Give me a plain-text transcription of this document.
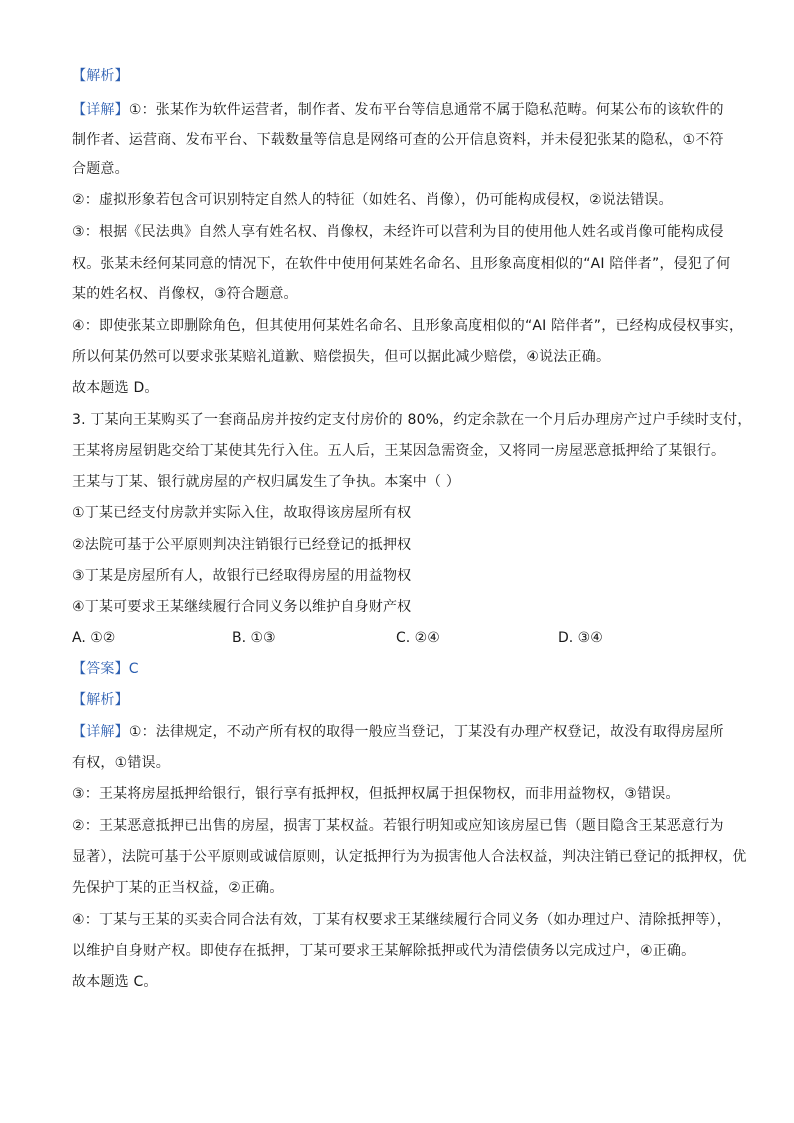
【解析】
【详解】①：张某作为软件运营者，制作者、发布平台等信息通常不属于隐私范畴。何某公布的该软件的
制作者、运营商、发布平台、下载数量等信息是网络可查的公开信息资料，并未侵犯张某的隐私，①不符
合题意。
②：虚拟形象若包含可识别特定自然人的特征（如姓名、肖像），仍可能构成侵权，②说法错误。
③：根据《民法典》自然人享有姓名权、肖像权，未经许可以营利为目的使用他人姓名或肖像可能构成侵
权。张某未经何某同意的情况下，在软件中使用何某姓名命名、且形象高度相似的“AI 陪伴者”，侵犯了何
某的姓名权、肖像权，③符合题意。
④：即使张某立即删除角色，但其使用何某姓名命名、且形象高度相似的“AI 陪伴者”，已经构成侵权事实，
所以何某仍然可以要求张某赔礼道歉、赔偿损失，但可以据此减少赔偿，④说法正确。
故本题选 D。
3. 丁某向王某购买了一套商品房并按约定支付房价的 80%，约定余款在一个月后办理房产过户手续时支付，
王某将房屋钥匙交给丁某使其先行入住。五人后，王某因急需资金，又将同一房屋恶意抵押给了某银行。
王某与丁某、银行就房屋的产权归属发生了争执。本案中（ ）
①丁某已经支付房款并实际入住，故取得该房屋所有权
②法院可基于公平原则判决注销银行已经登记的抵押权
③丁某是房屋所有人，故银行已经取得房屋的用益物权
④丁某可要求王某继续履行合同义务以维护自身财产权
A. ①②	B. ①③	C. ②④	D. ③④
【答案】C
【解析】
【详解】①：法律规定，不动产所有权的取得一般应当登记，丁某没有办理产权登记，故没有取得房屋所
有权，①错误。
③：王某将房屋抵押给银行，银行享有抵押权，但抵押权属于担保物权，而非用益物权，③错误。
②：王某恶意抵押已出售的房屋，损害丁某权益。若银行明知或应知该房屋已售（题目隐含王某恶意行为
显著），法院可基于公平原则或诚信原则，认定抵押行为为损害他人合法权益，判决注销已登记的抵押权，优
先保护丁某的正当权益，②正确。
④：丁某与王某的买卖合同合法有效，丁某有权要求王某继续履行合同义务（如办理过户、清除抵押等），
以维护自身财产权。即使存在抵押，丁某可要求王某解除抵押或代为清偿债务以完成过户，④正确。
故本题选 C。
